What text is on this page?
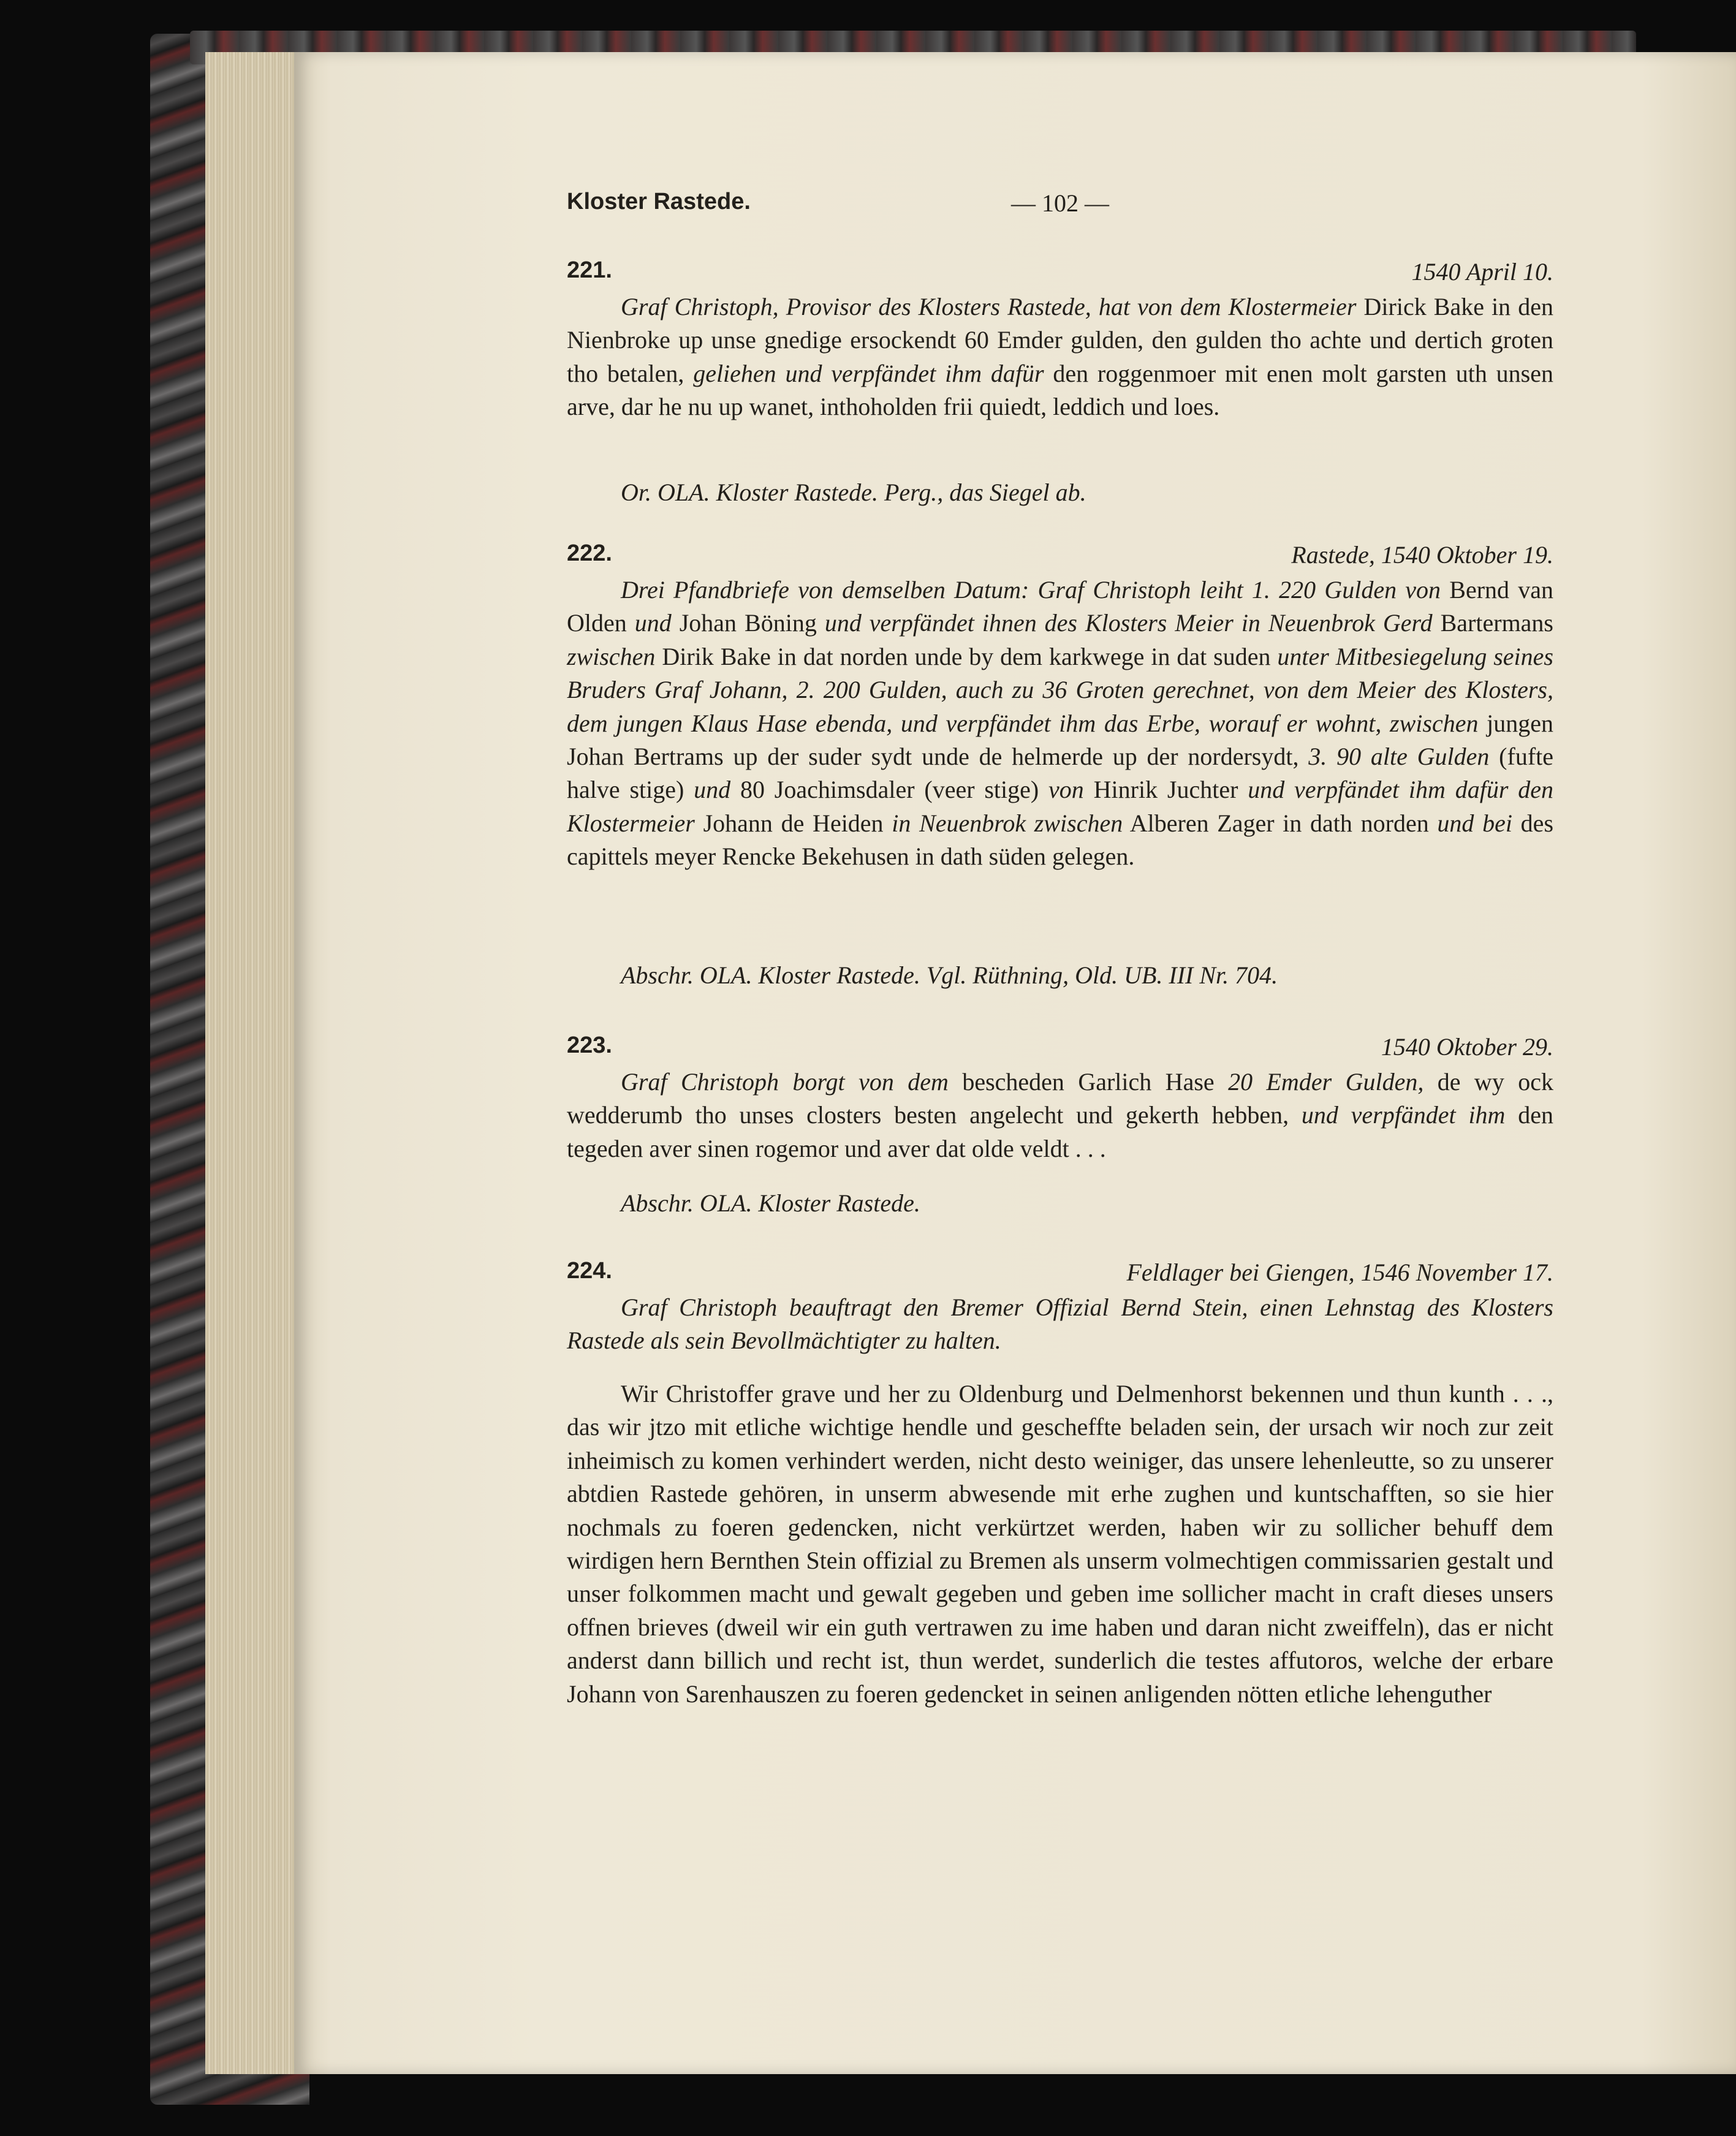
Kloster Rastede.	— 102 —
221.	1540 April 10.
Graf Christoph, Provisor des Klosters Rastede, hat von dem Klostermeier Dirick Bake in den Nienbroke up unse gnedige ersockendt 60 Emder gulden, den gulden tho achte und dertich groten tho betalen, geliehen und verpfändet ihm dafür den roggenmoer mit enen molt garsten uth unsen arve, dar he nu up wanet, inthoholden frii quiedt, leddich und loes.
Or. OLA. Kloster Rastede. Perg., das Siegel ab.
222.	Rastede, 1540 Oktober 19.
Drei Pfandbriefe von demselben Datum: Graf Christoph leiht 1. 220 Gulden von Bernd van Olden und Johan Böning und verpfändet ihnen des Klosters Meier in Neuenbrok Gerd Bartermans zwischen Dirik Bake in dat norden unde by dem karkwege in dat suden unter Mitbesiegelung seines Bruders Graf Johann, 2. 200 Gulden, auch zu 36 Groten gerechnet, von dem Meier des Klosters, dem jungen Klaus Hase ebenda, und verpfändet ihm das Erbe, worauf er wohnt, zwischen jungen Johan Bertrams up der suder sydt unde de helmerde up der nordersydt, 3. 90 alte Gulden (fufte halve stige) und 80 Joachimsdaler (veer stige) von Hinrik Juchter und verpfändet ihm dafür den Klostermeier Johann de Heiden in Neuenbrok zwischen Alberen Zager in dath norden und bei des capittels meyer Rencke Bekehusen in dath süden gelegen.
Abschr. OLA. Kloster Rastede. Vgl. Rüthning, Old. UB. III Nr. 704.
223.	1540 Oktober 29.
Graf Christoph borgt von dem bescheden Garlich Hase 20 Emder Gulden, de wy ock wedderumb tho unses closters besten angelecht und gekerth hebben, und verpfändet ihm den tegeden aver sinen rogemor und aver dat olde veldt . . .
Abschr. OLA. Kloster Rastede.
224.	Feldlager bei Giengen, 1546 November 17.
Graf Christoph beauftragt den Bremer Offizial Bernd Stein, einen Lehnstag des Klosters Rastede als sein Bevollmächtigter zu halten.
Wir Christoffer grave und her zu Oldenburg und Delmenhorst bekennen und thun kunth . . ., das wir jtzo mit etliche wichtige hendle und gescheffte beladen sein, der ursach wir noch zur zeit inheimisch zu komen verhindert werden, nicht desto weiniger, das unsere lehenleutte, so zu unserer abtdien Rastede gehören, in unserm abwesende mit erhe zughen und kuntschafften, so sie hier nochmals zu foeren gedencken, nicht verkürtzet werden, haben wir zu sollicher behuff dem wirdigen hern Bernthen Stein offizial zu Bremen als unserm volmechtigen commissarien gestalt und unser folkommen macht und gewalt gegeben und geben ime sollicher macht in craft dieses unsers offnen brieves (dweil wir ein guth vertrawen zu ime haben und daran nicht zweiffeln), das er nicht anderst dann billich und recht ist, thun werdet, sunderlich die testes affutoros, welche der erbare Johann von Sarenhauszen zu foeren gedencket in seinen anligenden nötten etliche lehenguther
